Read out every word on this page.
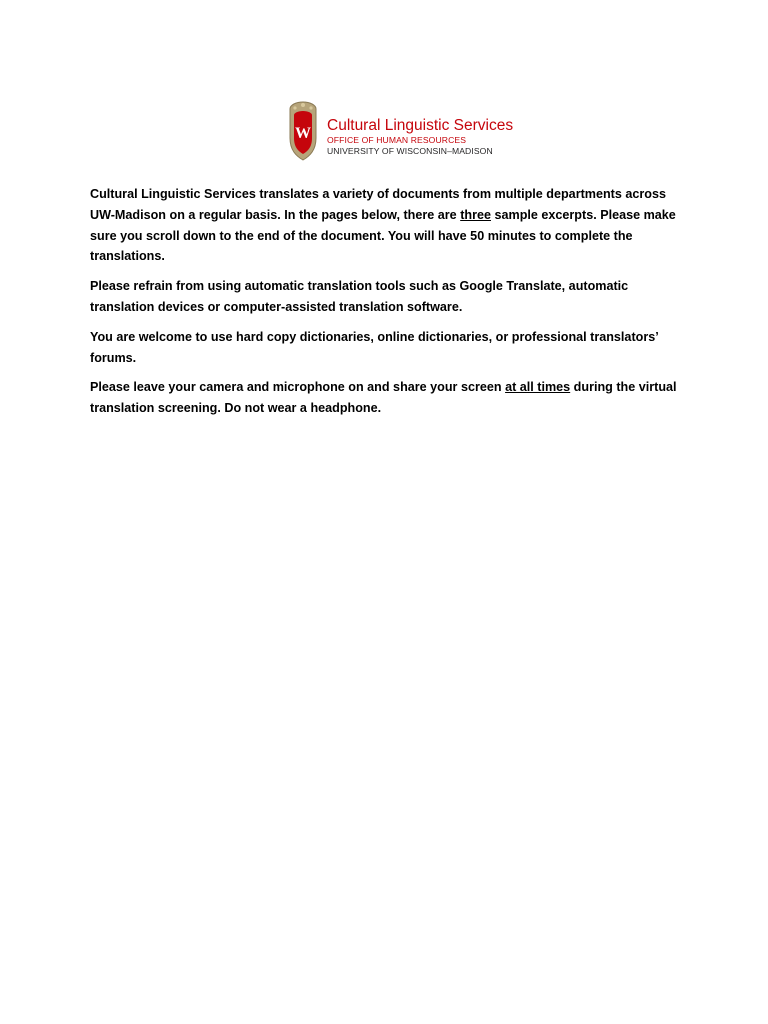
W Cultural Linguistic Services
OFFICE OF HUMAN RESOURCES
UNIVERSITY OF WISCONSIN–MADISON

Cultural Linguistic Services translates a variety of documents from multiple departments across UW-Madison on a regular basis. In the pages below, there are three sample excerpts. Please make sure you scroll down to the end of the document. You will have 50 minutes to complete the translations.

Please refrain from using automatic translation tools such as Google Translate, automatic translation devices or computer-assisted translation software.

You are welcome to use hard copy dictionaries, online dictionaries, or professional translators’ forums.

Please leave your camera and microphone on and share your screen at all times during the virtual translation screening. Do not wear a headphone.
